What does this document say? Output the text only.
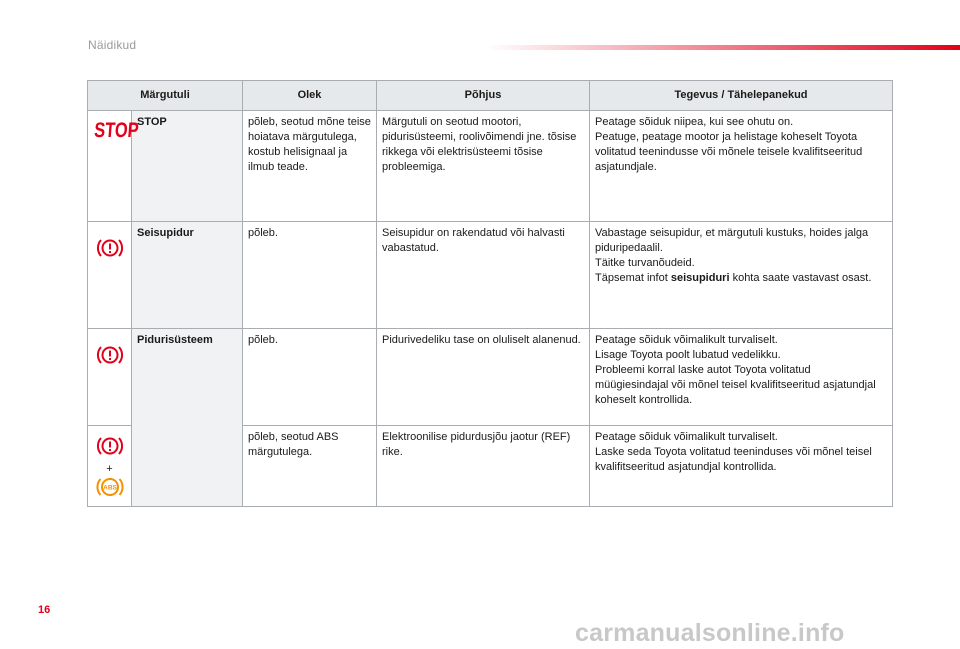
Näidikud
Märgutuli		Olek	Põhjus	Tegevus / Tähelepanekud
STOP	STOP	põleb, seotud mõne teise hoiatava märgutulega, kostub helisignaal ja ilmub teade.	Märgutuli on seotud mootori, pidurisüsteemi, roolivõimendi jne. tõsise rikkega või elektrisüsteemi tõsise probleemiga.	Peatage sõiduk niipea, kui see ohutu on.
Peatuge, peatage mootor ja helistage koheselt Toyota volitatud teenindusse või mõnele teisele kvalifitseeritud asjatundjale.

	Seisupidur	põleb.	Seisupidur on rakendatud või halvasti vabastatud.	Vabastage seisupidur, et märgutuli kustuks, hoides jalga piduripedaalil.
Täitke turvanõudeid.
Täpsemat infot seisupiduri kohta saate vastavast osast.

	Pidurisüsteem	põleb.	Pidurivedeliku tase on oluliselt alanenud.	Peatage sõiduk võimalikult turvaliselt.
Lisage Toyota poolt lubatud vedelikku.
Probleemi korral laske autot Toyota volitatud müügiesindajal või mõnel teisel kvalifitseeritud asjatundjal koheselt kontrollida.

+
ABS		põleb, seotud ABS märgutulega.	Elektroonilise pidurdusjõu jaotur (REF) rike.	Peatage sõiduk võimalikult turvaliselt.
Laske seda Toyota volitatud teeninduses või mõnel teisel kvalifitseeritud asjatundjal kontrollida.
16
carmanualsonline.info
